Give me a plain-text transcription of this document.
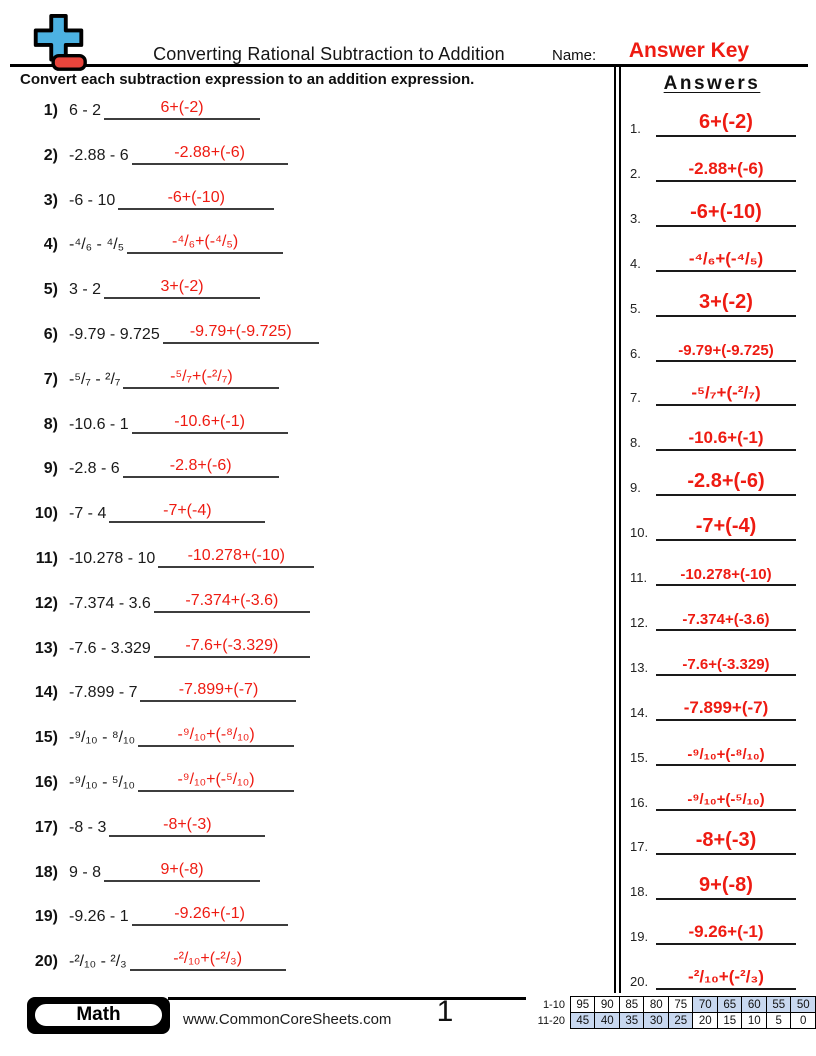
Converting Rational Subtraction to Addition	Name:	Answer Key
Convert each subtraction expression to an addition expression.
1) 6 - 2	6+(-2)
2) -2.88 - 6	-2.88+(-6)
3) -6 - 10	-6+(-10)
4) -⁴/₆ - ⁴/₅	-⁴/₆+(-⁴/₅)
5) 3 - 2	3+(-2)
6) -9.79 - 9.725	-9.79+(-9.725)
7) -⁵/₇ - ²/₇	-⁵/₇+(-²/₇)
8) -10.6 - 1	-10.6+(-1)
9) -2.8 - 6	-2.8+(-6)
10) -7 - 4	-7+(-4)
11) -10.278 - 10	-10.278+(-10)
12) -7.374 - 3.6	-7.374+(-3.6)
13) -7.6 - 3.329	-7.6+(-3.329)
14) -7.899 - 7	-7.899+(-7)
15) -⁹/₁₀ - ⁸/₁₀	-⁹/₁₀+(-⁸/₁₀)
16) -⁹/₁₀ - ⁵/₁₀	-⁹/₁₀+(-⁵/₁₀)
17) -8 - 3	-8+(-3)
18) 9 - 8	9+(-8)
19) -9.26 - 1	-9.26+(-1)
20) -²/₁₀ - ²/₃	-²/₁₀+(-²/₃)
Answers
1.	6+(-2)
2.	-2.88+(-6)
3.	-6+(-10)
4.	-⁴/₆+(-⁴/₅)
5.	3+(-2)
6.	-9.79+(-9.725)
7.	-⁵/₇+(-²/₇)
8.	-10.6+(-1)
9.	-2.8+(-6)
10.	-7+(-4)
11.	-10.278+(-10)
12.	-7.374+(-3.6)
13.	-7.6+(-3.329)
14.	-7.899+(-7)
15.	-⁹/₁₀+(-⁸/₁₀)
16.	-⁹/₁₀+(-⁵/₁₀)
17.	-8+(-3)
18.	9+(-8)
19.	-9.26+(-1)
20.	-²/₁₀+(-²/₃)
Math	www.CommonCoreSheets.com	1	1-10	95	90	85	80	75	70	65	60	55	50
11-20	45	40	35	30	25	20	15	10	5	0
